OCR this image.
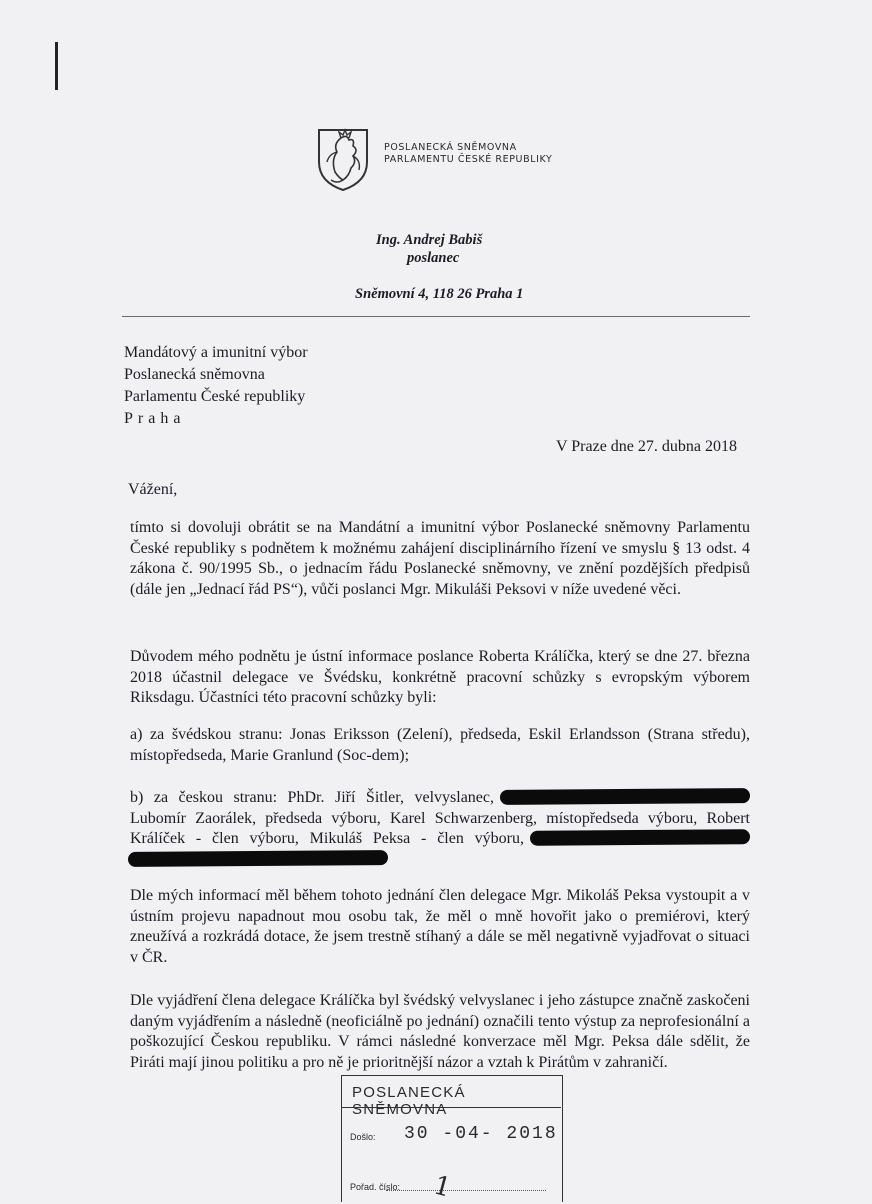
POSLANECKÁ SNĚMOVNA
PARLAMENTU ČESKÉ REPUBLIKY
Ing. Andrej Babiš
poslanec
Sněmovní 4, 118 26 Praha 1
Mandátový a imunitní výbor
Poslanecká sněmovna
Parlamentu České republiky
Praha
V Praze dne 27. dubna 2018
Vážení,

tímto si dovoluji obrátit se na Mandátní a imunitní výbor Poslanecké sněmovny Parlamentu České republiky s podnětem k možnému zahájení disciplinárního řízení ve smyslu § 13 odst. 4 zákona č. 90/1995 Sb., o jednacím řádu Poslanecké sněmovny, ve znění pozdějších předpisů (dále jen „Jednací řád PS“), vůči poslanci Mgr. Mikuláši Peksovi v níže uvedené věci.

Důvodem mého podnětu je ústní informace poslance Roberta Králíčka, který se dne 27. března 2018 účastnil delegace ve Švédsku, konkrétně pracovní schůzky s evropským výborem Riksdagu. Účastníci této pracovní schůzky byli:

a) za švédskou stranu: Jonas Eriksson (Zelení), předseda, Eskil Erlandsson (Strana středu), místopředseda, Marie Granlund (Soc-dem);

b) za českou stranu: PhDr. Jiří Šitler, velvyslanec, Lubomír Zaorálek, předseda výboru, Karel Schwarzenberg, místopředseda výboru, Robert Králíček - člen výboru, Mikuláš Peksa - člen výboru,

Dle mých informací měl během tohoto jednání člen delegace Mgr. Mikoláš Peksa vystoupit a v ústním projevu napadnout mou osobu tak, že měl o mně hovořit jako o premiérovi, který zneužívá a rozkrádá dotace, že jsem trestně stíhaný a dále se měl negativně vyjadřovat o situaci v ČR.

Dle vyjádření člena delegace Králíčka byl švédský velvyslanec i jeho zástupce značně zaskočeni daným vyjádřením a následně (neoficiálně po jednání) označili tento výstup za neprofesionální a poškozující Českou republiku. V rámci následné konverzace měl Mgr. Peksa dále sdělit, že Piráti mají jinou politiku a pro ně je prioritnější názor a vztah k Pirátům v zahraničí.

POSLANECKÁ SNĚMOVNA
Došlo: 30 -04- 2018
Pořad. číslo: 1
